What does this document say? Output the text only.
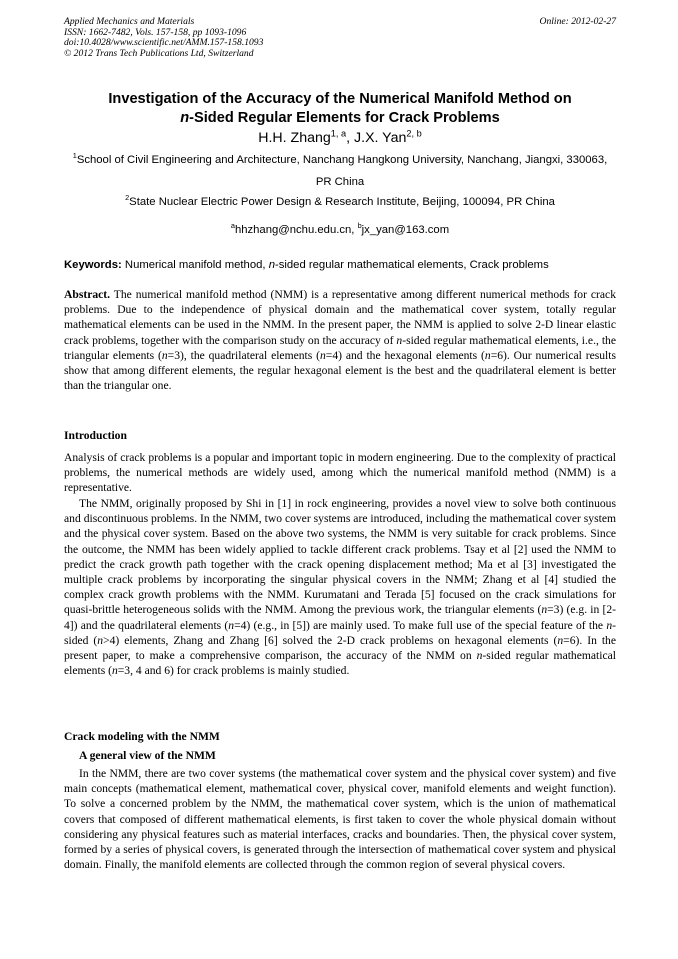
Applied Mechanics and Materials
ISSN: 1662-7482, Vols. 157-158, pp 1093-1096
doi:10.4028/www.scientific.net/AMM.157-158.1093
© 2012 Trans Tech Publications Ltd, Switzerland
Online: 2012-02-27
Investigation of the Accuracy of the Numerical Manifold Method on
n-Sided Regular Elements for Crack Problems
H.H. Zhang$^{1, a}$, J.X. Yan$^{2, b}$
$^1$School of Civil Engineering and Architecture, Nanchang Hangkong University, Nanchang, Jiangxi, 330063, PR China
$^2$State Nuclear Electric Power Design & Research Institute, Beijing, 100094, PR China
$^a$hhzhang@nchu.edu.cn, $^b$jx_yan@163.com
Keywords: Numerical manifold method, n-sided regular mathematical elements, Crack problems
Abstract. The numerical manifold method (NMM) is a representative among different numerical methods for crack problems. Due to the independence of physical domain and the mathematical cover system, totally regular mathematical elements can be used in the NMM. In the present paper, the NMM is applied to solve 2-D linear elastic crack problems, together with the comparison study on the accuracy of n-sided regular mathematical elements, i.e., the triangular elements (n=3), the quadrilateral elements (n=4) and the hexagonal elements (n=6). Our numerical results show that among different elements, the regular hexagonal element is the best and the quadrilateral element is better than the triangular one.
Introduction
Analysis of crack problems is a popular and important topic in modern engineering. Due to the complexity of practical problems, the numerical methods are widely used, among which the numerical manifold method (NMM) is a representative.
The NMM, originally proposed by Shi in [1] in rock engineering, provides a novel view to solve both continuous and discontinuous problems. In the NMM, two cover systems are introduced, including the mathematical cover system and the physical cover system. Based on the above two systems, the NMM is very suitable for crack problems. Since the outcome, the NMM has been widely applied to tackle different crack problems. Tsay et al [2] used the NMM to predict the crack growth path together with the crack opening displacement method; Ma et al [3] investigated the multiple crack problems by incorporating the singular physical covers in the NMM; Zhang et al [4] studied the complex crack growth problems with the NMM. Kurumatani and Terada [5] focused on the crack simulations for quasi-brittle heterogeneous solids with the NMM. Among the previous work, the triangular elements (n=3) (e.g. in [2-4]) and the quadrilateral elements (n=4) (e.g., in [5]) are mainly used. To make full use of the special feature of the n-sided (n>4) elements, Zhang and Zhang [6] solved the 2-D crack problems on hexagonal elements (n=6). In the present paper, to make a comprehensive comparison, the accuracy of the NMM on n-sided regular mathematical elements (n=3, 4 and 6) for crack problems is mainly studied.
Crack modeling with the NMM
A general view of the NMM
In the NMM, there are two cover systems (the mathematical cover system and the physical cover system) and five main concepts (mathematical element, mathematical cover, physical cover, manifold elements and weight function). To solve a concerned problem by the NMM, the mathematical cover system, which is the union of mathematical covers that composed of different mathematical elements, is first taken to cover the whole physical domain without considering any physical features such as material interfaces, cracks and boundaries. Then, the physical cover system, formed by a series of physical covers, is generated through the intersection of mathematical cover system and physical domain. Finally, the manifold elements are collected through the common region of several physical covers.
